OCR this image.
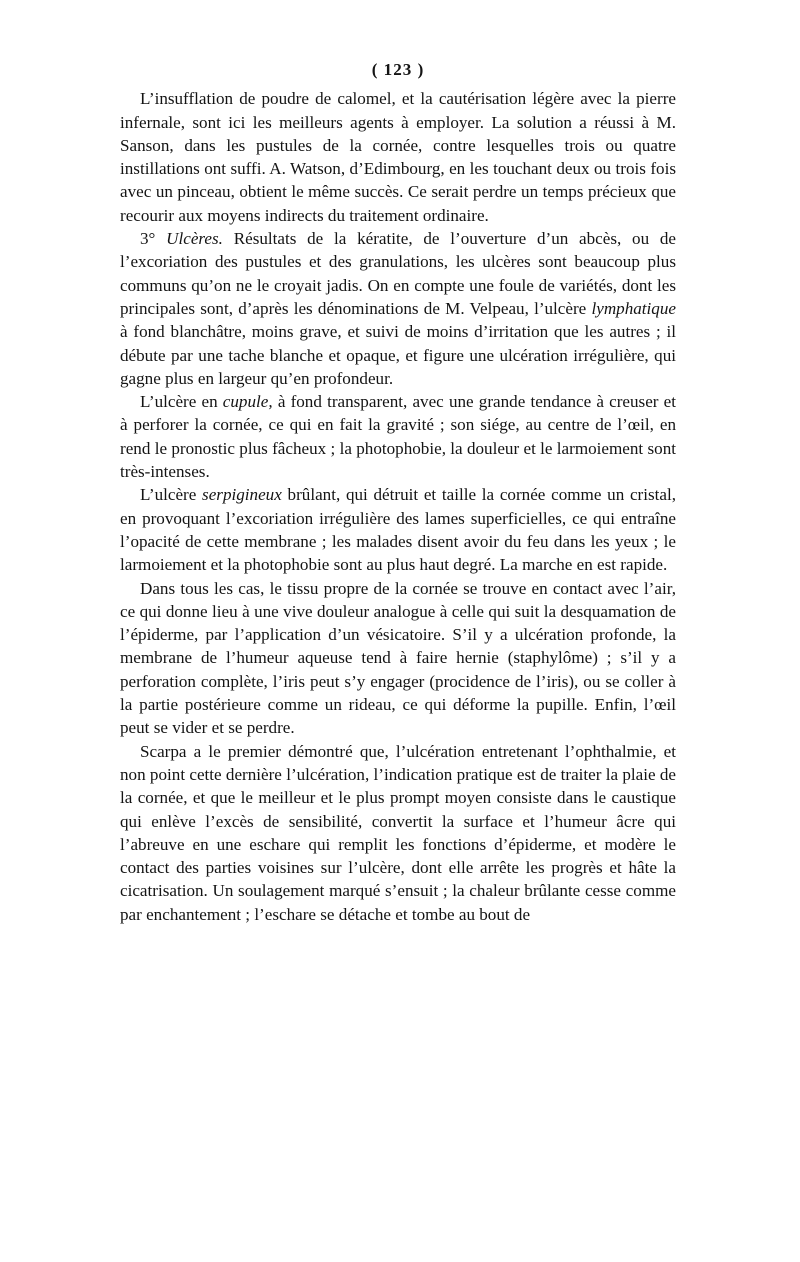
( 123 )

L’insufflation de poudre de calomel, et la cautérisation légère avec la pierre infernale, sont ici les meilleurs agents à employer. La solution a réussi à M. Sanson, dans les pustules de la cornée, contre lesquelles trois ou quatre instillations ont suffi. A. Watson, d’Edimbourg, en les touchant deux ou trois fois avec un pinceau, obtient le même succès. Ce serait perdre un temps précieux que recourir aux moyens indirects du traitement ordinaire.

3° Ulcères. Résultats de la kératite, de l’ouverture d’un abcès, ou de l’excoriation des pustules et des granulations, les ulcères sont beaucoup plus communs qu’on ne le croyait jadis. On en compte une foule de variétés, dont les principales sont, d’après les dénominations de M. Velpeau, l’ulcère lymphatique à fond blanchâtre, moins grave, et suivi de moins d’irritation que les autres ; il débute par une tache blanche et opaque, et figure une ulcération irrégulière, qui gagne plus en largeur qu’en profondeur.

L’ulcère en cupule, à fond transparent, avec une grande tendance à creuser et à perforer la cornée, ce qui en fait la gravité ; son siége, au centre de l’œil, en rend le pronostic plus fâcheux ; la photophobie, la douleur et le larmoiement sont très-intenses.

L’ulcère serpigineux brûlant, qui détruit et taille la cornée comme un cristal, en provoquant l’excoriation irrégulière des lames superficielles, ce qui entraîne l’opacité de cette membrane ; les malades disent avoir du feu dans les yeux ; le larmoiement et la photophobie sont au plus haut degré. La marche en est rapide.

Dans tous les cas, le tissu propre de la cornée se trouve en contact avec l’air, ce qui donne lieu à une vive douleur analogue à celle qui suit la desquamation de l’épiderme, par l’application d’un vésicatoire. S’il y a ulcération profonde, la membrane de l’humeur aqueuse tend à faire hernie (staphylôme) ; s’il y a perforation complète, l’iris peut s’y engager (procidence de l’iris), ou se coller à la partie postérieure comme un rideau, ce qui déforme la pupille. Enfin, l’œil peut se vider et se perdre.

Scarpa a le premier démontré que, l’ulcération entretenant l’ophthalmie, et non point cette dernière l’ulcération, l’indication pratique est de traiter la plaie de la cornée, et que le meilleur et le plus prompt moyen consiste dans le caustique qui enlève l’excès de sensibilité, convertit la surface et l’humeur âcre qui l’abreuve en une eschare qui remplit les fonctions d’épiderme, et modère le contact des parties voisines sur l’ulcère, dont elle arrête les progrès et hâte la cicatrisation. Un soulagement marqué s’ensuit ; la chaleur brûlante cesse comme par enchantement ; l’eschare se détache et tombe au bout de
